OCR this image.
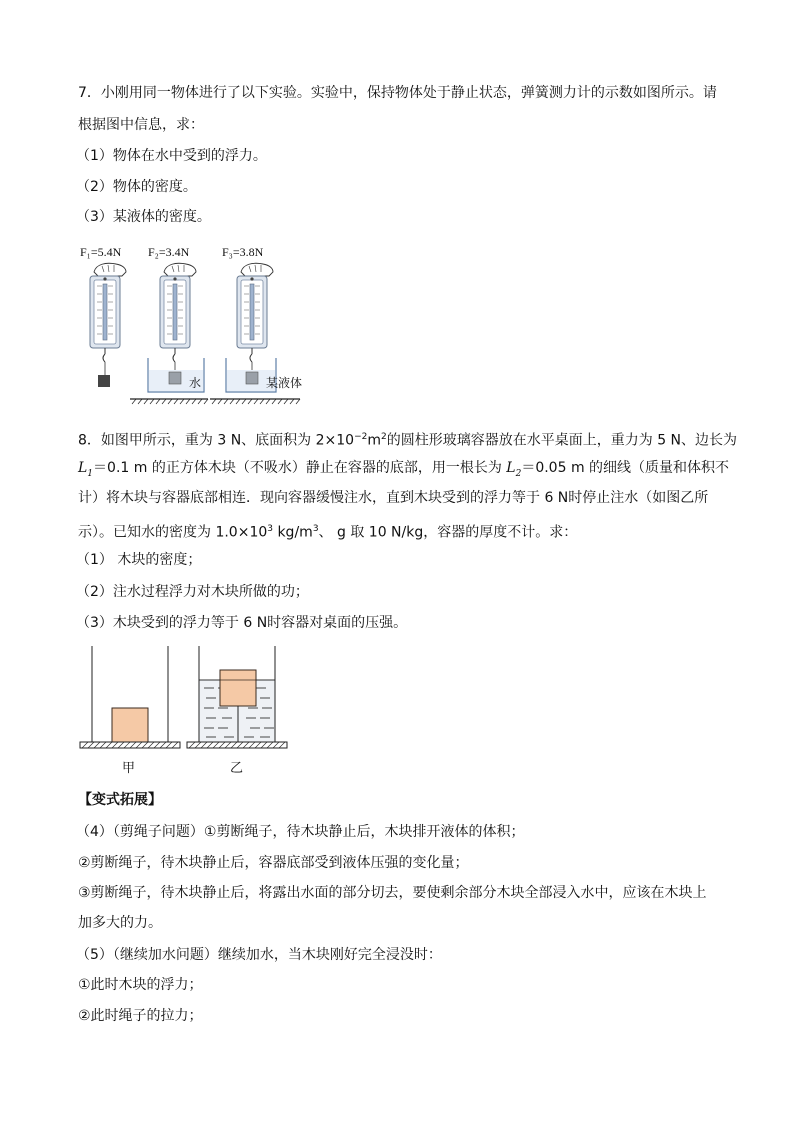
7．小刚用同一物体进行了以下实验。实验中，保持物体处于静止状态，弹簧测力计的示数如图所示。请
根据图中信息，求：
（1）物体在水中受到的浮力。
（2）物体的密度。
（3）某液体的密度。
F₁=5.4N F₂=3.4N	F₃=3.8N
水	某液体
8．如图甲所示，重为 3 N、底面积为 $2\times 10^{-2}m^2$的圆柱形玻璃容器放在水平桌面上，重力为 5 N、边长为
$L_1=0.1$ m 的正方体木块（不吸水）静止在容器的底部，用一根长为 $L_2=0.05$ m 的细线（质量和体积不
计）将木块与容器底部相连．现向容器缓慢注水，直到木块受到的浮力等于 6 N时停止注水（如图乙所
示）。已知水的密度为 $1.0\times 10^3$ $kg/m^3$、 g 取 10 N/kg，容器的厚度不计。求：
（1） 木块的密度；
（2）注水过程浮力对木块所做的功；
（3）木块受到的浮力等于 6 N时容器对桌面的压强。
甲	乙
【变式拓展】
（4）（剪绳子问题）①剪断绳子，待木块静止后，木块排开液体的体积；
②剪断绳子，待木块静止后，容器底部受到液体压强的变化量；
③剪断绳子，待木块静止后，将露出水面的部分切去，要使剩余部分木块全部浸入水中，应该在木块上
加多大的力。
（5）（继续加水问题）继续加水，当木块刚好完全浸没时：
①此时木块的浮力；
②此时绳子的拉力；
